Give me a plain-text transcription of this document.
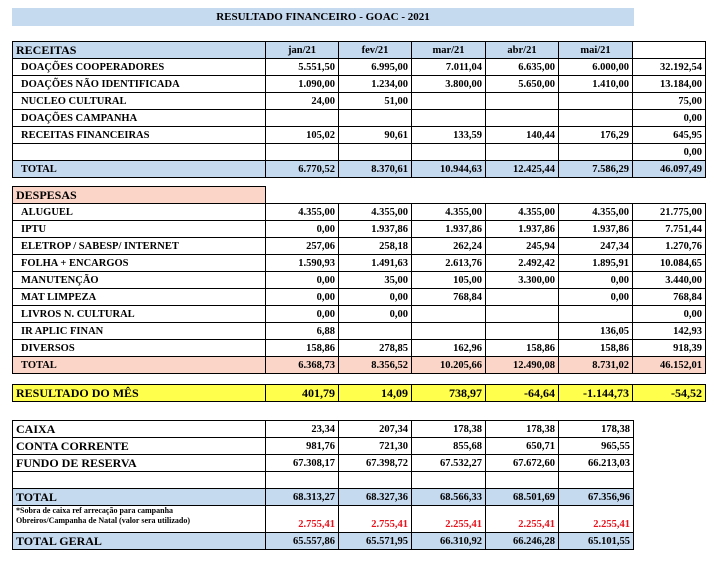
RESULTADO FINANCEIRO - GOAC - 2021
RECEITAS	jan/21	fev/21	mar/21	abr/21	mai/21	
DOAÇÕES COOPERADORES	5.551,50	6.995,00	7.011,04	6.635,00	6.000,00	32.192,54
DOAÇÕES NÃO IDENTIFICADA	1.090,00	1.234,00	3.800,00	5.650,00	1.410,00	13.184,00
NUCLEO CULTURAL	24,00	51,00				75,00
DOAÇÕES CAMPANHA						0,00
RECEITAS FINANCEIRAS	105,02	90,61	133,59	140,44	176,29	645,95
						0,00
TOTAL	6.770,52	8.370,61	10.944,63	12.425,44	7.586,29	46.097,49
DESPESAS						
ALUGUEL	4.355,00	4.355,00	4.355,00	4.355,00	4.355,00	21.775,00
IPTU	0,00	1.937,86	1.937,86	1.937,86	1.937,86	7.751,44
ELETROP / SABESP/ INTERNET	257,06	258,18	262,24	245,94	247,34	1.270,76
FOLHA + ENCARGOS	1.590,93	1.491,63	2.613,76	2.492,42	1.895,91	10.084,65
MANUTENÇÃO	0,00	35,00	105,00	3.300,00	0,00	3.440,00
MAT LIMPEZA	0,00	0,00	768,84		0,00	768,84
LIVROS N. CULTURAL	0,00	0,00				0,00
IR APLIC FINAN	6,88				136,05	142,93
DIVERSOS	158,86	278,85	162,96	158,86	158,86	918,39
TOTAL	6.368,73	8.356,52	10.205,66	12.490,08	8.731,02	46.152,01
RESULTADO DO MÊS	401,79	14,09	738,97	-64,64	-1.144,73	-54,52
CAIXA	23,34	207,34	178,38	178,38	178,38
CONTA CORRENTE	981,76	721,30	855,68	650,71	965,55
FUNDO DE RESERVA	67.308,17	67.398,72	67.532,27	67.672,60	66.213,03

TOTAL	68.313,27	68.327,36	68.566,33	68.501,69	67.356,96

*Sobra de caixa ref arrecação para campanha
Obreiros/Campanha de Natal (valor sera utilizado)	2.755,41	2.755,41	2.255,41	2.255,41	2.255,41
TOTAL GERAL	65.557,86	65.571,95	66.310,92	66.246,28	65.101,55
